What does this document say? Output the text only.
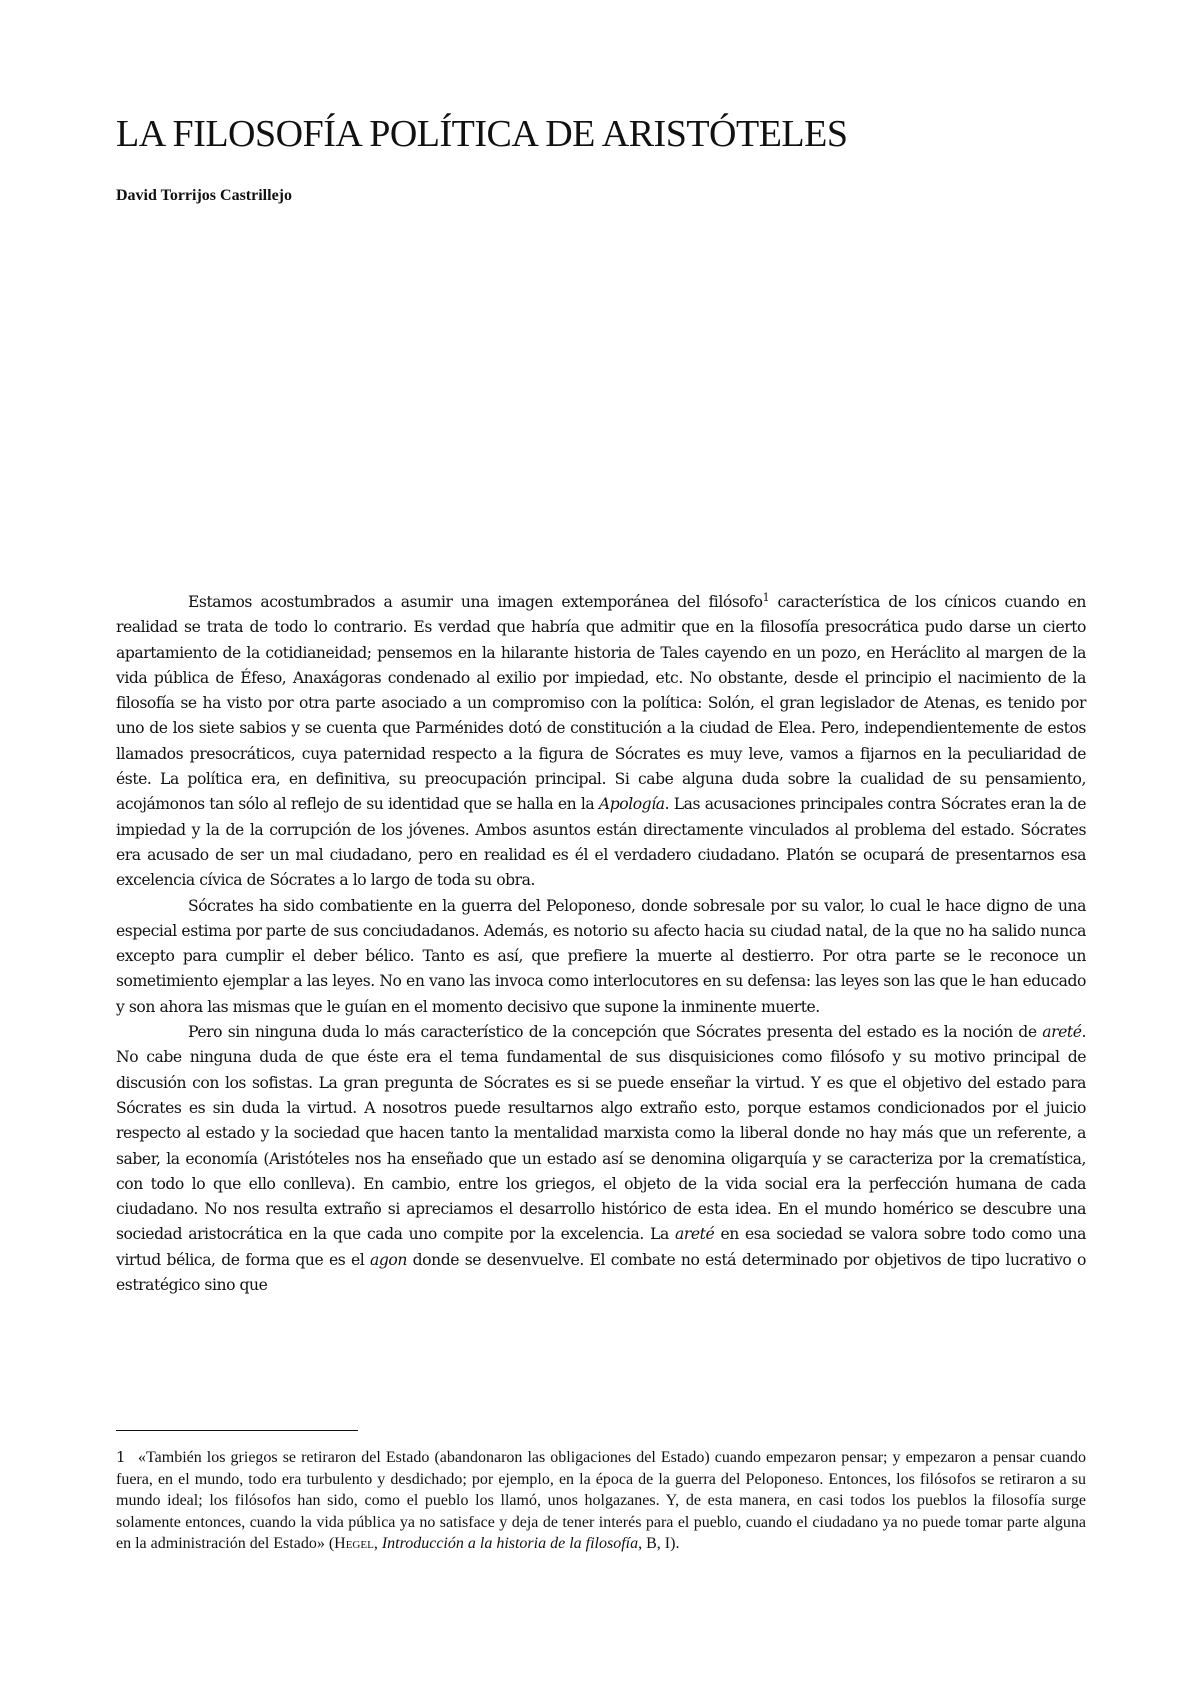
LA FILOSOFÍA POLÍTICA DE ARISTÓTELES

David Torrijos Castrillejo

Estamos acostumbrados a asumir una imagen extemporánea del filósofo$^1$ característica de los cínicos cuando en realidad se trata de todo lo contrario. Es verdad que habría que admitir que en la filosofía presocrática pudo darse un cierto apartamiento de la cotidianeidad; pensemos en la hilarante historia de Tales cayendo en un pozo, en Heráclito al margen de la vida pública de Éfeso, Anaxágoras condenado al exilio por impiedad, etc. No obstante, desde el principio el nacimiento de la filosofía se ha visto por otra parte asociado a un compromiso con la política: Solón, el gran legislador de Atenas, es tenido por uno de los siete sabios y se cuenta que Parménides dotó de constitución a la ciudad de Elea. Pero, independientemente de estos llamados presocráticos, cuya paternidad respecto a la figura de Sócrates es muy leve, vamos a fijarnos en la peculiaridad de éste. La política era, en definitiva, su preocupación principal. Si cabe alguna duda sobre la cualidad de su pensamiento, acojámonos tan sólo al reflejo de su identidad que se halla en la Apología. Las acusaciones principales contra Sócrates eran la de impiedad y la de la corrupción de los jóvenes. Ambos asuntos están directamente vinculados al problema del estado. Sócrates era acusado de ser un mal ciudadano, pero en realidad es él el verdadero ciudadano. Platón se ocupará de presentarnos esa excelencia cívica de Sócrates a lo largo de toda su obra.

Sócrates ha sido combatiente en la guerra del Peloponeso, donde sobresale por su valor, lo cual le hace digno de una especial estima por parte de sus conciudadanos. Además, es notorio su afecto hacia su ciudad natal, de la que no ha salido nunca excepto para cumplir el deber bélico. Tanto es así, que prefiere la muerte al destierro. Por otra parte se le reconoce un sometimiento ejemplar a las leyes. No en vano las invoca como interlocutores en su defensa: las leyes son las que le han educado y son ahora las mismas que le guían en el momento decisivo que supone la inminente muerte.

Pero sin ninguna duda lo más característico de la concepción que Sócrates presenta del estado es la noción de areté. No cabe ninguna duda de que éste era el tema fundamental de sus disquisiciones como filósofo y su motivo principal de discusión con los sofistas. La gran pregunta de Sócrates es si se puede enseñar la virtud. Y es que el objetivo del estado para Sócrates es sin duda la virtud. A nosotros puede resultarnos algo extraño esto, porque estamos condicionados por el juicio respecto al estado y la sociedad que hacen tanto la mentalidad marxista como la liberal donde no hay más que un referente, a saber, la economía (Aristóteles nos ha enseñado que un estado así se denomina oligarquía y se caracteriza por la crematística, con todo lo que ello conlleva). En cambio, entre los griegos, el objeto de la vida social era la perfección humana de cada ciudadano. No nos resulta extraño si apreciamos el desarrollo histórico de esta idea. En el mundo homérico se descubre una sociedad aristocrática en la que cada uno compite por la excelencia. La areté en esa sociedad se valora sobre todo como una virtud bélica, de forma que es el agon donde se desenvuelve. El combate no está determinado por objetivos de tipo lucrativo o estratégico sino que

1 «También los griegos se retiraron del Estado (abandonaron las obligaciones del Estado) cuando empezaron pensar; y empezaron a pensar cuando fuera, en el mundo, todo era turbulento y desdichado; por ejemplo, en la época de la guerra del Peloponeso. Entonces, los filósofos se retiraron a su mundo ideal; los filósofos han sido, como el pueblo los llamó, unos holgazanes. Y, de esta manera, en casi todos los pueblos la filosofía surge solamente entonces, cuando la vida pública ya no satisface y deja de tener interés para el pueblo, cuando el ciudadano ya no puede tomar parte alguna en la administración del Estado» (Hegel, Introducción a la historia de la filosofía, B, I).
